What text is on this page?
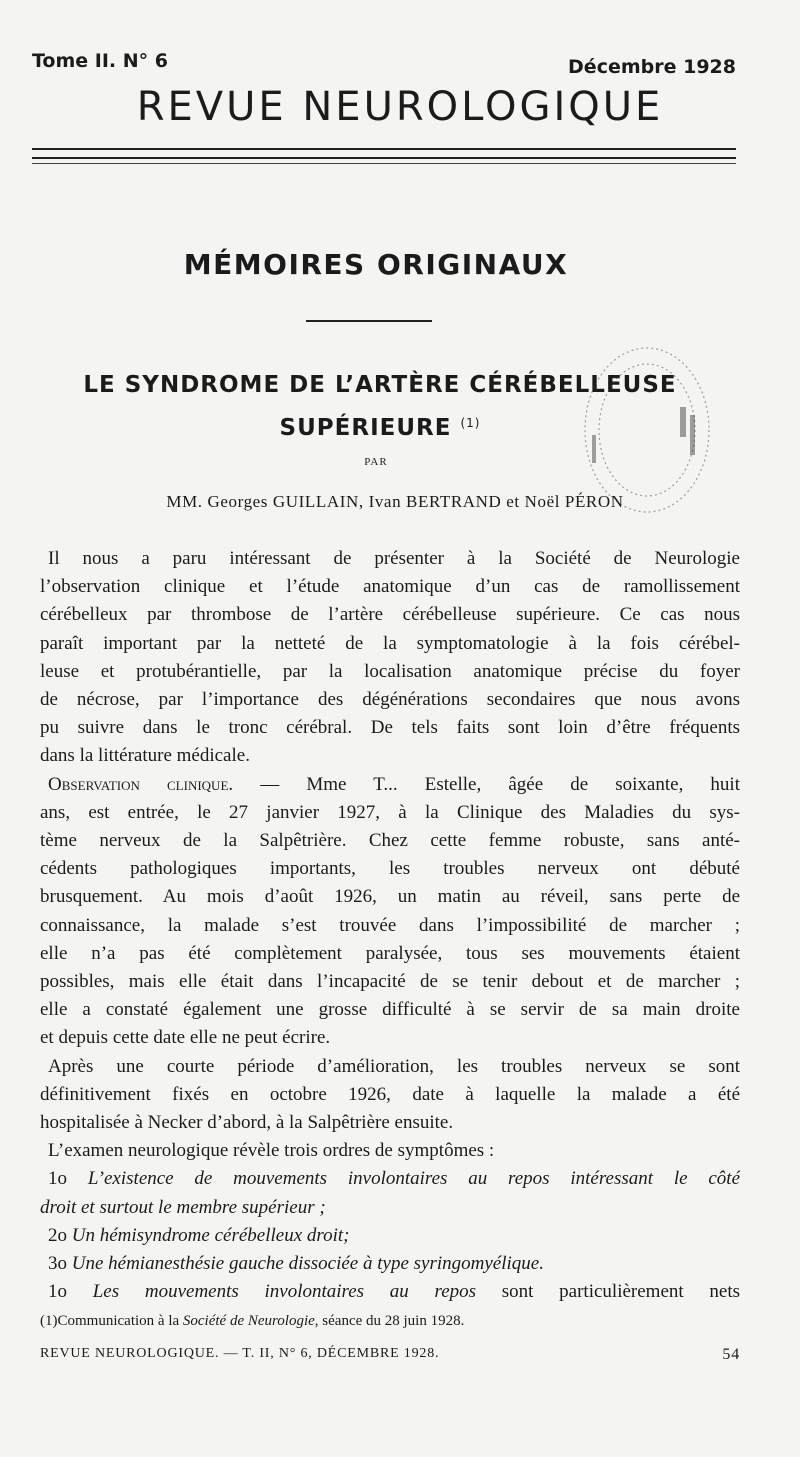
Tome II. N° 6	Décembre 1928
REVUE NEUROLOGIQUE
MÉMOIRES ORIGINAUX
LE SYNDROME DE L’ARTÈRE CÉRÉBELLEUSE
SUPÉRIEURE $^{(1)}$
PAR
MM. Georges GUILLAIN, Ivan BERTRAND et Noël PÉRON

Il nous a paru intéressant de présenter à la Société de Neurologie
l’observation clinique et l’étude anatomique d’un cas de ramollissement
cérébelleux par thrombose de l’artère cérébelleuse supérieure. Ce cas nous
paraît important par la netteté de la symptomatologie à la fois cérébel-
leuse et protubérantielle, par la localisation anatomique précise du foyer
de nécrose, par l’importance des dégénérations secondaires que nous avons
pu suivre dans le tronc cérébral. De tels faits sont loin d’être fréquents
dans la littérature médicale.

Observation clinique. — Mme T... Estelle, âgée de soixante, huit
ans, est entrée, le 27 janvier 1927, à la Clinique des Maladies du sys-
tème nerveux de la Salpêtrière. Chez cette femme robuste, sans anté-
cédents pathologiques importants, les troubles nerveux ont débuté
brusquement. Au mois d’août 1926, un matin au réveil, sans perte de
connaissance, la malade s’est trouvée dans l’impossibilité de marcher ;
elle n’a pas été complètement paralysée, tous ses mouvements étaient
possibles, mais elle était dans l’incapacité de se tenir debout et de marcher ;
elle a constaté également une grosse difficulté à se servir de sa main droite
et depuis cette date elle ne peut écrire.

Après une courte période d’amélioration, les troubles nerveux se sont
définitivement fixés en octobre 1926, date à laquelle la malade a été
hospitalisée à Necker d’abord, à la Salpêtrière ensuite.

L’examen neurologique révèle trois ordres de symptômes :

1o L’existence de mouvements involontaires au repos intéressant le côté
droit et surtout le membre supérieur ;
2o Un hémisyndrome cérébelleux droit;
3o Une hémianesthésie gauche dissociée à type syringomyélique.
1o Les mouvements involontaires au repos sont particulièrement nets

(1)Communication à la Société de Neurologie, séance du 28 juin 1928.
REVUE NEUROLOGIQUE. — T. II, N° 6, DÉCEMBRE 1928.	54
